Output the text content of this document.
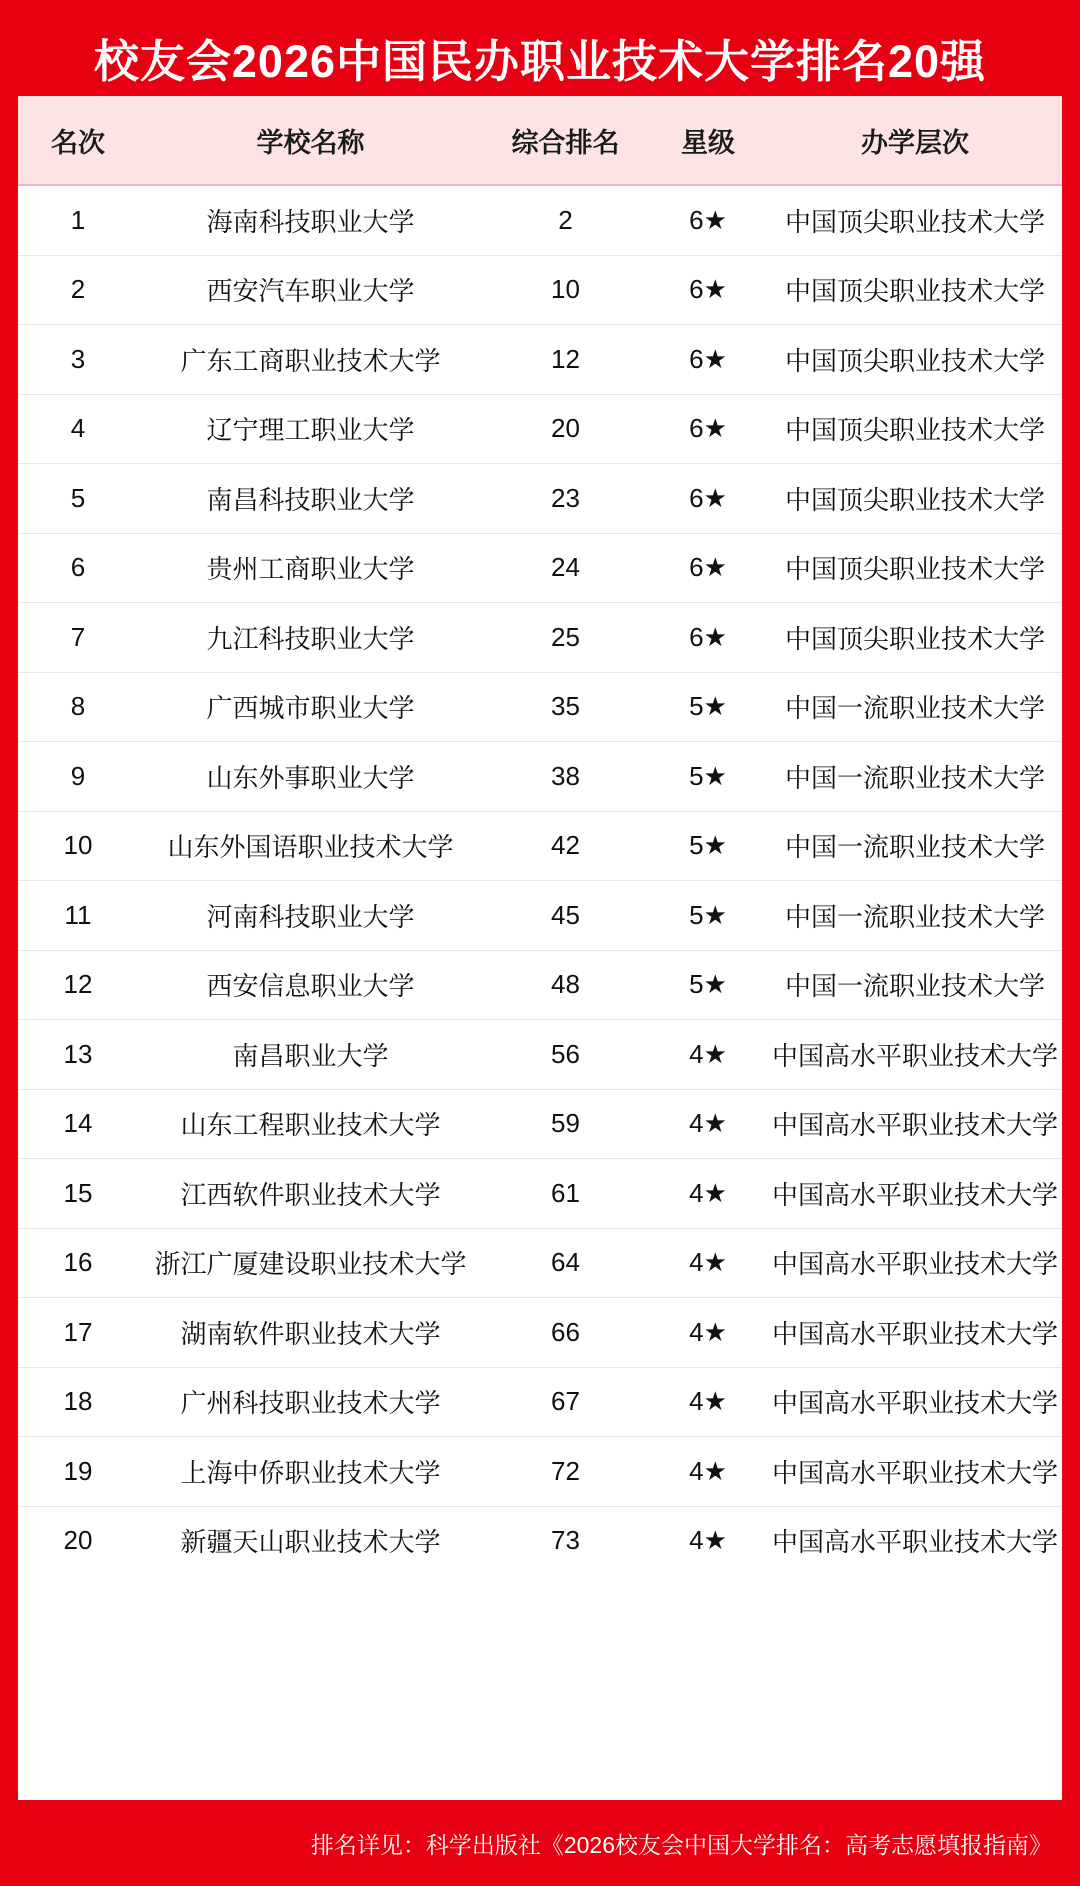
校友会2026中国民办职业技术大学排名20强
名次	学校名称	综合排名	星级	办学层次
1	海南科技职业大学	2	6★	中国顶尖职业技术大学
2	西安汽车职业大学	10	6★	中国顶尖职业技术大学
3	广东工商职业技术大学	12	6★	中国顶尖职业技术大学
4	辽宁理工职业大学	20	6★	中国顶尖职业技术大学
5	南昌科技职业大学	23	6★	中国顶尖职业技术大学
6	贵州工商职业大学	24	6★	中国顶尖职业技术大学
7	九江科技职业大学	25	6★	中国顶尖职业技术大学
8	广西城市职业大学	35	5★	中国一流职业技术大学
9	山东外事职业大学	38	5★	中国一流职业技术大学
10	山东外国语职业技术大学	42	5★	中国一流职业技术大学
11	河南科技职业大学	45	5★	中国一流职业技术大学
12	西安信息职业大学	48	5★	中国一流职业技术大学
13	南昌职业大学	56	4★	中国高水平职业技术大学
14	山东工程职业技术大学	59	4★	中国高水平职业技术大学
15	江西软件职业技术大学	61	4★	中国高水平职业技术大学
16	浙江广厦建设职业技术大学	64	4★	中国高水平职业技术大学
17	湖南软件职业技术大学	66	4★	中国高水平职业技术大学
18	广州科技职业技术大学	67	4★	中国高水平职业技术大学
19	上海中侨职业技术大学	72	4★	中国高水平职业技术大学
20	新疆天山职业技术大学	73	4★	中国高水平职业技术大学
排名详见：科学出版社《2026校友会中国大学排名：高考志愿填报指南》
